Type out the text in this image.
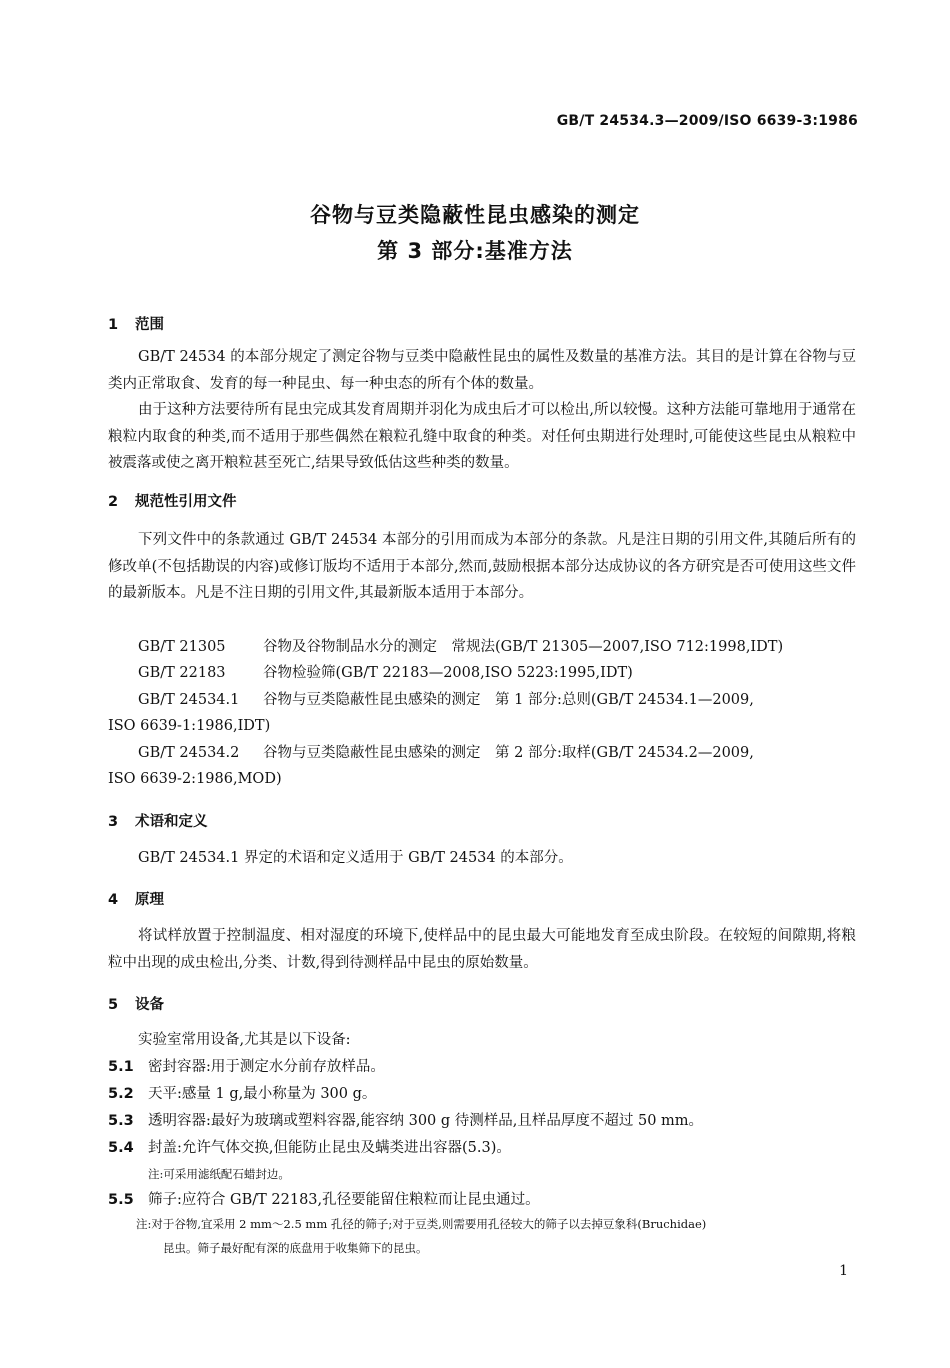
GB/T 24534.3—2009/ISO 6639-3:1986
谷物与豆类隐蔽性昆虫感染的测定
第 3 部分:基准方法
1 范围
GB/T 24534 的本部分规定了测定谷物与豆类中隐蔽性昆虫的属性及数量的基准方法。其目的是计算在谷物与豆类内正常取食、发育的每一种昆虫、每一种虫态的所有个体的数量。
由于这种方法要待所有昆虫完成其发育周期并羽化为成虫后才可以检出,所以较慢。这种方法能可靠地用于通常在粮粒内取食的种类,而不适用于那些偶然在粮粒孔缝中取食的种类。对任何虫期进行处理时,可能使这些昆虫从粮粒中被震落或使之离开粮粒甚至死亡,结果导致低估这些种类的数量。
2 规范性引用文件
下列文件中的条款通过 GB/T 24534 本部分的引用而成为本部分的条款。凡是注日期的引用文件,其随后所有的修改单(不包括勘误的内容)或修订版均不适用于本部分,然而,鼓励根据本部分达成协议的各方研究是否可使用这些文件的最新版本。凡是不注日期的引用文件,其最新版本适用于本部分。
GB/T 21305	谷物及谷物制品水分的测定　常规法(GB/T 21305—2007,ISO 712:1998,IDT)
GB/T 22183	谷物检验筛(GB/T 22183—2008,ISO 5223:1995,IDT)
GB/T 24534.1 谷物与豆类隐蔽性昆虫感染的测定　第 1 部分:总则(GB/T 24534.1—2009,
ISO 6639-1:1986,IDT)
GB/T 24534.2 谷物与豆类隐蔽性昆虫感染的测定　第 2 部分:取样(GB/T 24534.2—2009,
ISO 6639-2:1986,MOD)
3 术语和定义
GB/T 24534.1 界定的术语和定义适用于 GB/T 24534 的本部分。
4 原理
将试样放置于控制温度、相对湿度的环境下,使样品中的昆虫最大可能地发育至成虫阶段。在较短的间隙期,将粮粒中出现的成虫检出,分类、计数,得到待测样品中昆虫的原始数量。
5 设备
实验室常用设备,尤其是以下设备:
5.1 密封容器:用于测定水分前存放样品。
5.2 天平:感量 1 g,最小称量为 300 g。
5.3 透明容器:最好为玻璃或塑料容器,能容纳 300 g 待测样品,且样品厚度不超过 50 mm。
5.4 封盖:允许气体交换,但能防止昆虫及螨类进出容器(5.3)。
注:可采用滤纸配石蜡封边。
5.5 筛子:应符合 GB/T 22183,孔径要能留住粮粒而让昆虫通过。
注:对于谷物,宜采用 2 mm～2.5 mm 孔径的筛子;对于豆类,则需要用孔径较大的筛子以去掉豆象科(Bruchidae)
昆虫。筛子最好配有深的底盘用于收集筛下的昆虫。
1
